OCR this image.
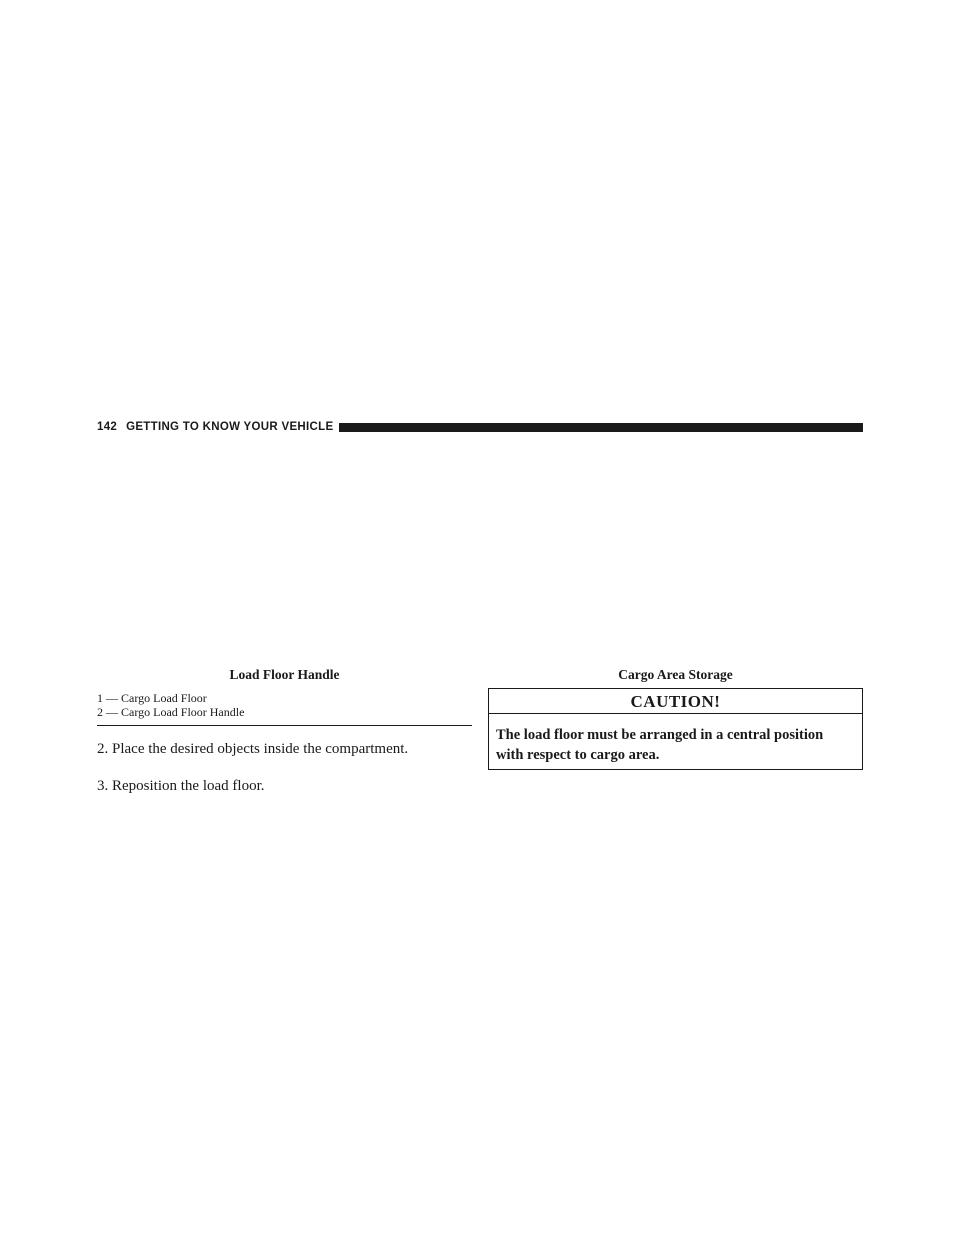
142 GETTING TO KNOW YOUR VEHICLE
Load Floor Handle	Cargo Area Storage
1 — Cargo Load Floor
2 — Cargo Load Floor Handle

2. Place the desired objects inside the compartment.

3. Reposition the load floor.

CAUTION!
The load floor must be arranged in a central position
with respect to cargo area.
